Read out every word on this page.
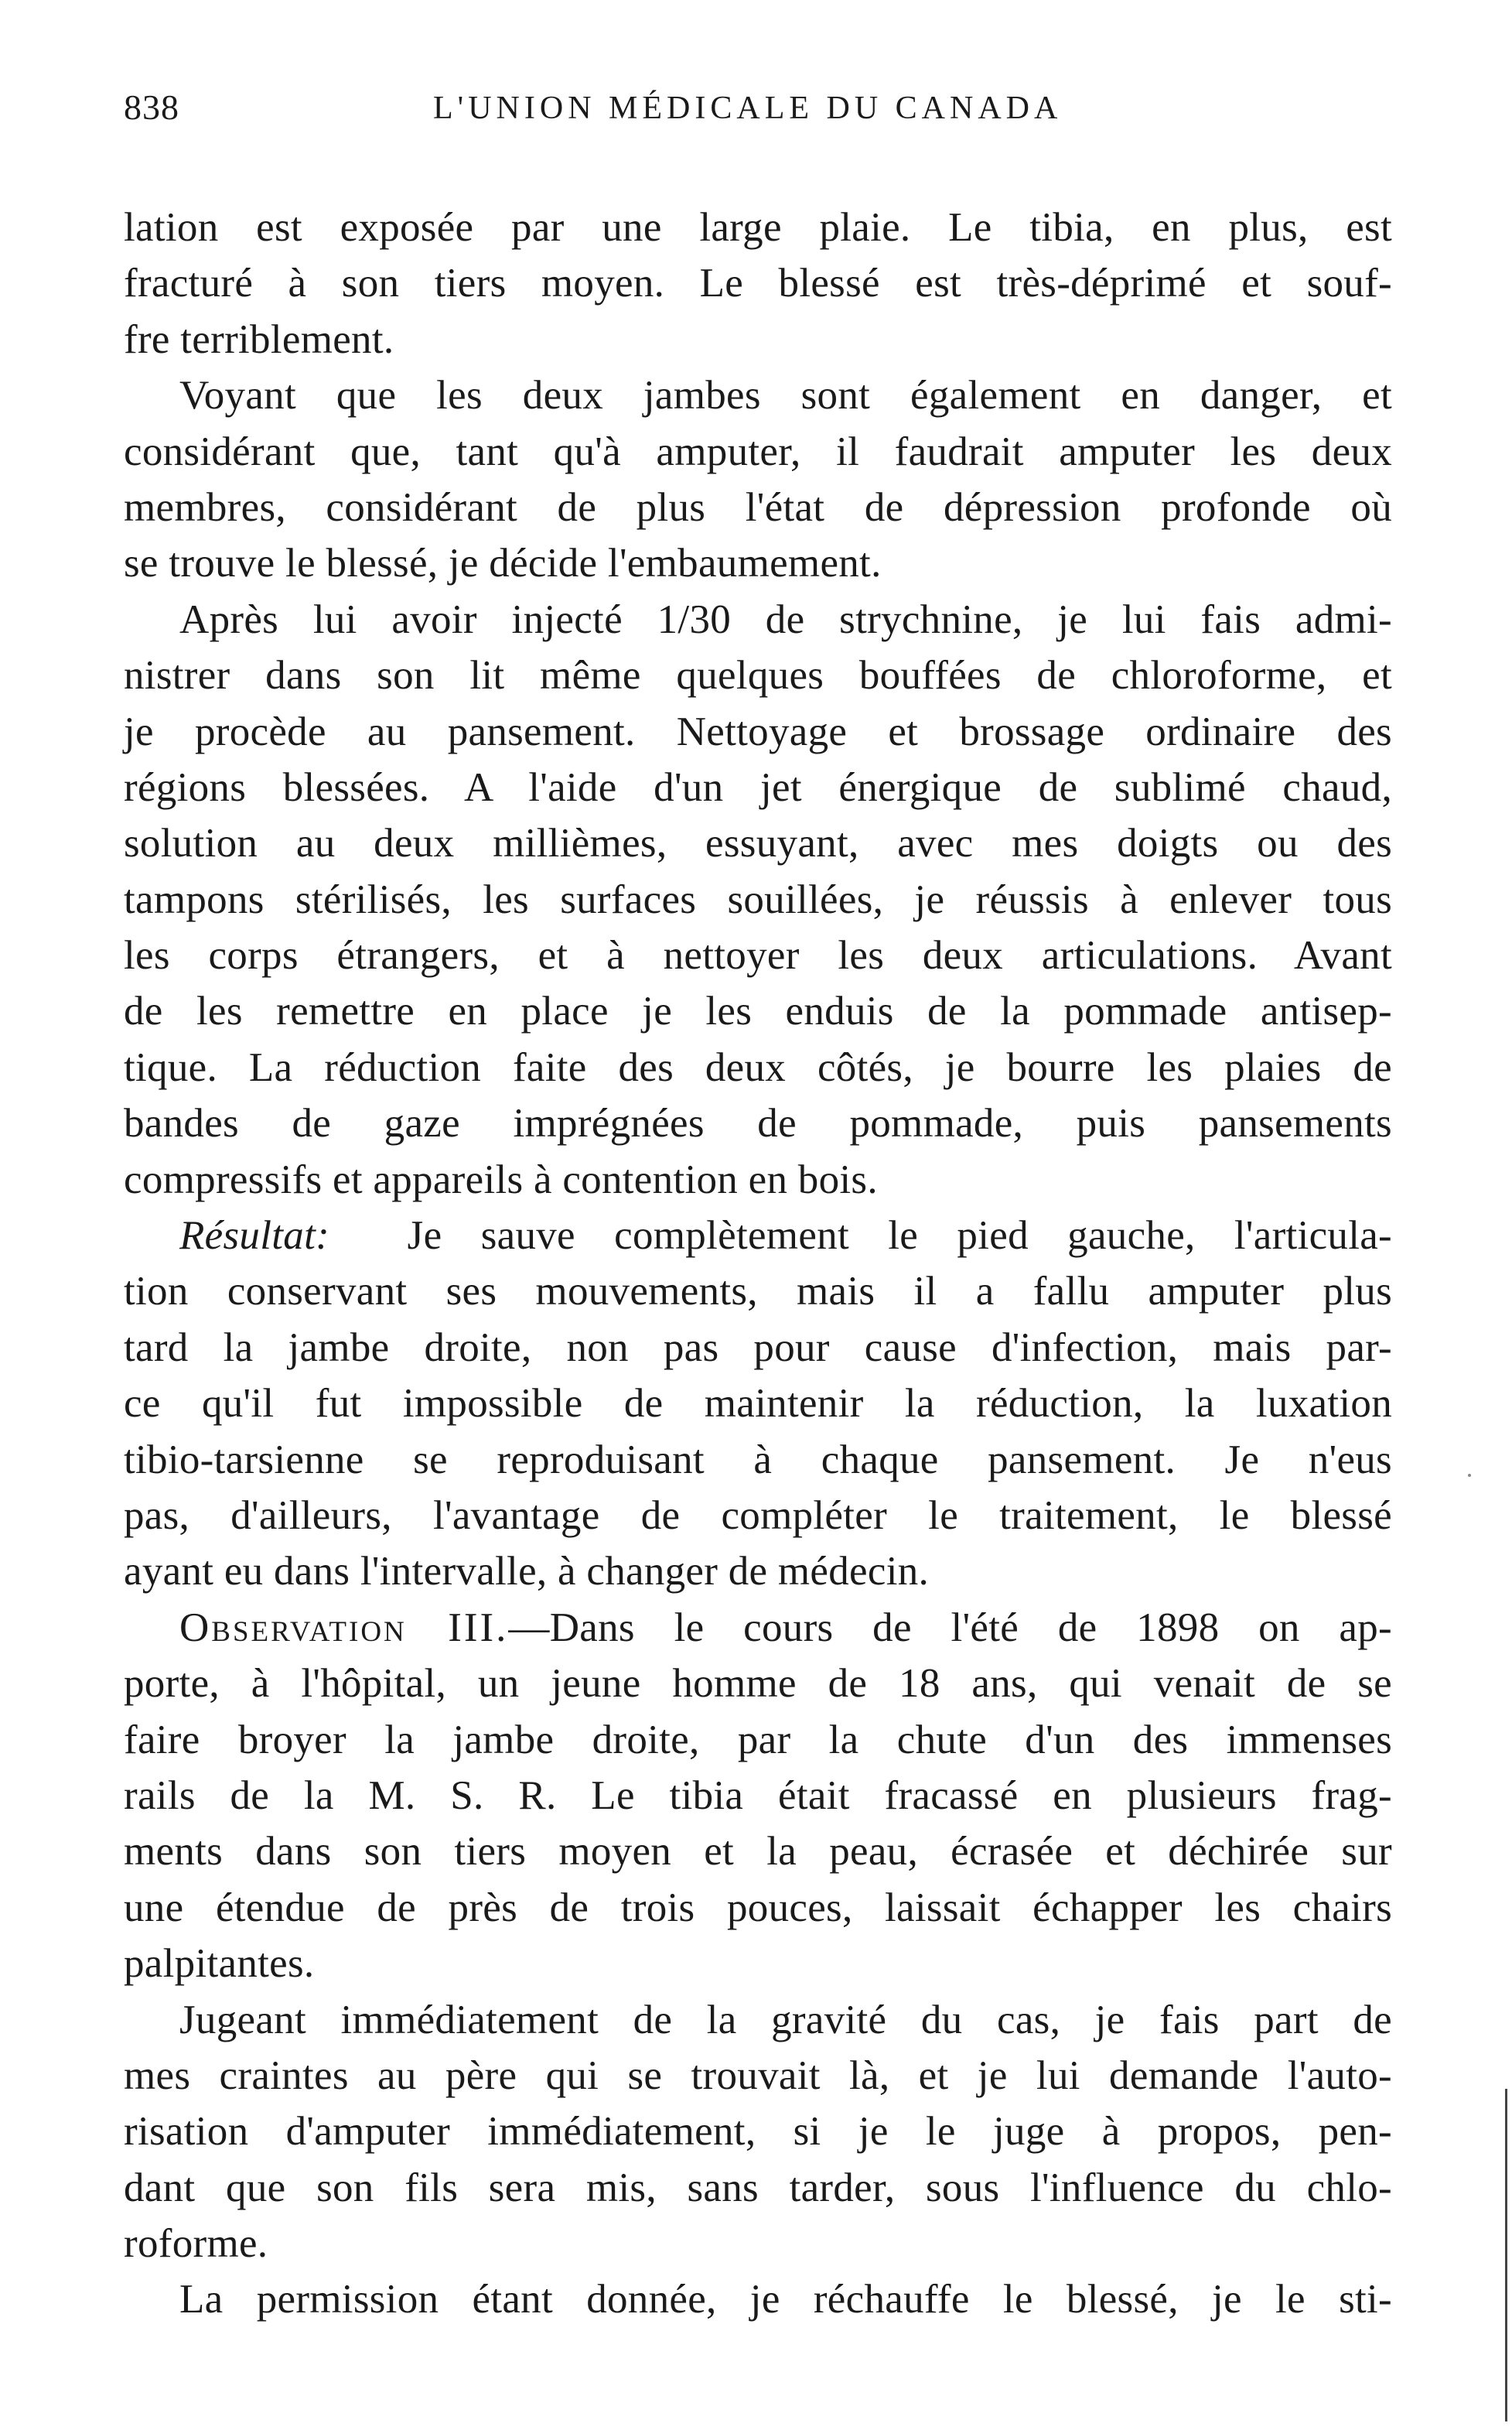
838	L'UNION MÉDICALE DU CANADA
lation est exposée par une large plaie. Le tibia, en plus, est
fracturé à son tiers moyen. Le blessé est très-déprimé et souf-
fre terriblement.
Voyant que les deux jambes sont également en danger, et
considérant que, tant qu'à amputer, il faudrait amputer les deux
membres, considérant de plus l'état de dépression profonde où
se trouve le blessé, je décide l'embaumement.
Après lui avoir injecté 1/30 de strychnine, je lui fais admi-
nistrer dans son lit même quelques bouffées de chloroforme, et
je procède au pansement. Nettoyage et brossage ordinaire des
régions blessées. A l'aide d'un jet énergique de sublimé chaud,
solution au deux millièmes, essuyant, avec mes doigts ou des
tampons stérilisés, les surfaces souillées, je réussis à enlever tous
les corps étrangers, et à nettoyer les deux articulations. Avant
de les remettre en place je les enduis de la pommade antisep-
tique. La réduction faite des deux côtés, je bourre les plaies de
bandes de gaze imprégnées de pommade, puis pansements
compressifs et appareils à contention en bois.
Résultat: Je sauve complètement le pied gauche, l'articula-
tion conservant ses mouvements, mais il a fallu amputer plus
tard la jambe droite, non pas pour cause d'infection, mais par-
ce qu'il fut impossible de maintenir la réduction, la luxation
tibio-tarsienne se reproduisant à chaque pansement. Je n'eus
pas, d'ailleurs, l'avantage de compléter le traitement, le blessé
ayant eu dans l'intervalle, à changer de médecin.
Observation III.—Dans le cours de l'été de 1898 on ap-
porte, à l'hôpital, un jeune homme de 18 ans, qui venait de se
faire broyer la jambe droite, par la chute d'un des immenses
rails de la M. S. R. Le tibia était fracassé en plusieurs frag-
ments dans son tiers moyen et la peau, écrasée et déchirée sur
une étendue de près de trois pouces, laissait échapper les chairs
palpitantes.
Jugeant immédiatement de la gravité du cas, je fais part de
mes craintes au père qui se trouvait là, et je lui demande l'auto-
risation d'amputer immédiatement, si je le juge à propos, pen-
dant que son fils sera mis, sans tarder, sous l'influence du chlo-
roforme.
La permission étant donnée, je réchauffe le blessé, je le sti-
